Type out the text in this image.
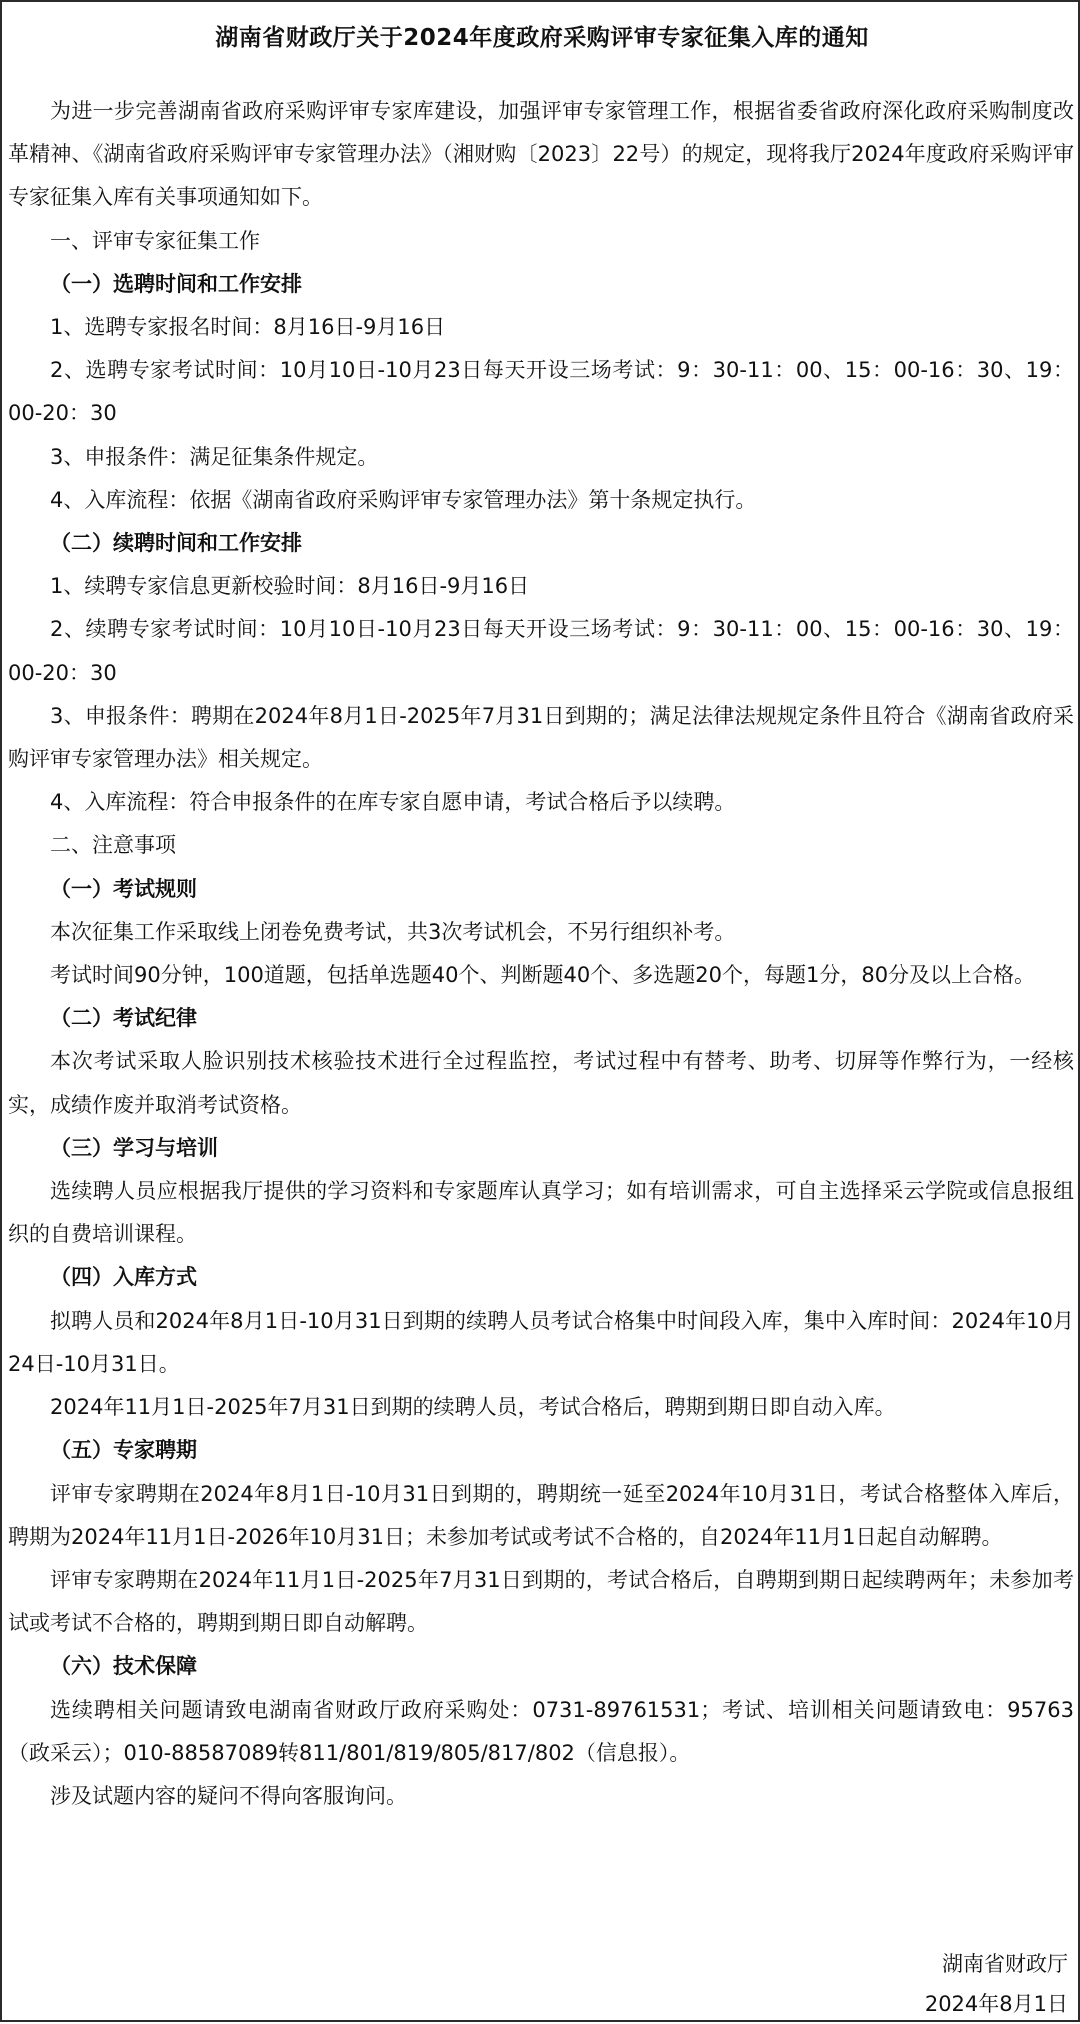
湖南省财政厅关于2024年度政府采购评审专家征集入库的通知

为进一步完善湖南省政府采购评审专家库建设，加强评审专家管理工作，根据省委省政府深化政府采购制度改革精神、《湖南省政府采购评审专家管理办法》（湘财购〔2023〕22号）的规定，现将我厅2024年度政府采购评审专家征集入库有关事项通知如下。

一、评审专家征集工作

（一）选聘时间和工作安排

1、选聘专家报名时间：8月16日-9月16日

2、选聘专家考试时间：10月10日-10月23日每天开设三场考试：9：30-11：00、15：00-16：30、19：00-20：30

3、申报条件：满足征集条件规定。

4、入库流程：依据《湖南省政府采购评审专家管理办法》第十条规定执行。

（二）续聘时间和工作安排

1、续聘专家信息更新校验时间：8月16日-9月16日

2、续聘专家考试时间：10月10日-10月23日每天开设三场考试：9：30-11：00、15：00-16：30、19：00-20：30

3、申报条件：聘期在2024年8月1日-2025年7月31日到期的；满足法律法规规定条件且符合《湖南省政府采购评审专家管理办法》相关规定。

4、入库流程：符合申报条件的在库专家自愿申请，考试合格后予以续聘。

二、注意事项

（一）考试规则

本次征集工作采取线上闭卷免费考试，共3次考试机会，不另行组织补考。

考试时间90分钟，100道题，包括单选题40个、判断题40个、多选题20个，每题1分，80分及以上合格。

（二）考试纪律

本次考试采取人脸识别技术核验技术进行全过程监控，考试过程中有替考、助考、切屏等作弊行为，一经核实，成绩作废并取消考试资格。

（三）学习与培训

选续聘人员应根据我厅提供的学习资料和专家题库认真学习；如有培训需求，可自主选择采云学院或信息报组织的自费培训课程。

（四）入库方式

拟聘人员和2024年8月1日-10月31日到期的续聘人员考试合格集中时间段入库，集中入库时间：2024年10月24日-10月31日。

2024年11月1日-2025年7月31日到期的续聘人员，考试合格后，聘期到期日即自动入库。

（五）专家聘期

评审专家聘期在2024年8月1日-10月31日到期的，聘期统一延至2024年10月31日，考试合格整体入库后，聘期为2024年11月1日-2026年10月31日；未参加考试或考试不合格的，自2024年11月1日起自动解聘。

评审专家聘期在2024年11月1日-2025年7月31日到期的，考试合格后，自聘期到期日起续聘两年；未参加考试或考试不合格的，聘期到期日即自动解聘。

（六）技术保障

选续聘相关问题请致电湖南省财政厅政府采购处：0731-89761531；考试、培训相关问题请致电：95763（政采云）；010-88587089转811/801/819/805/817/802（信息报）。

涉及试题内容的疑问不得向客服询问。

湖南省财政厅
2024年8月1日
